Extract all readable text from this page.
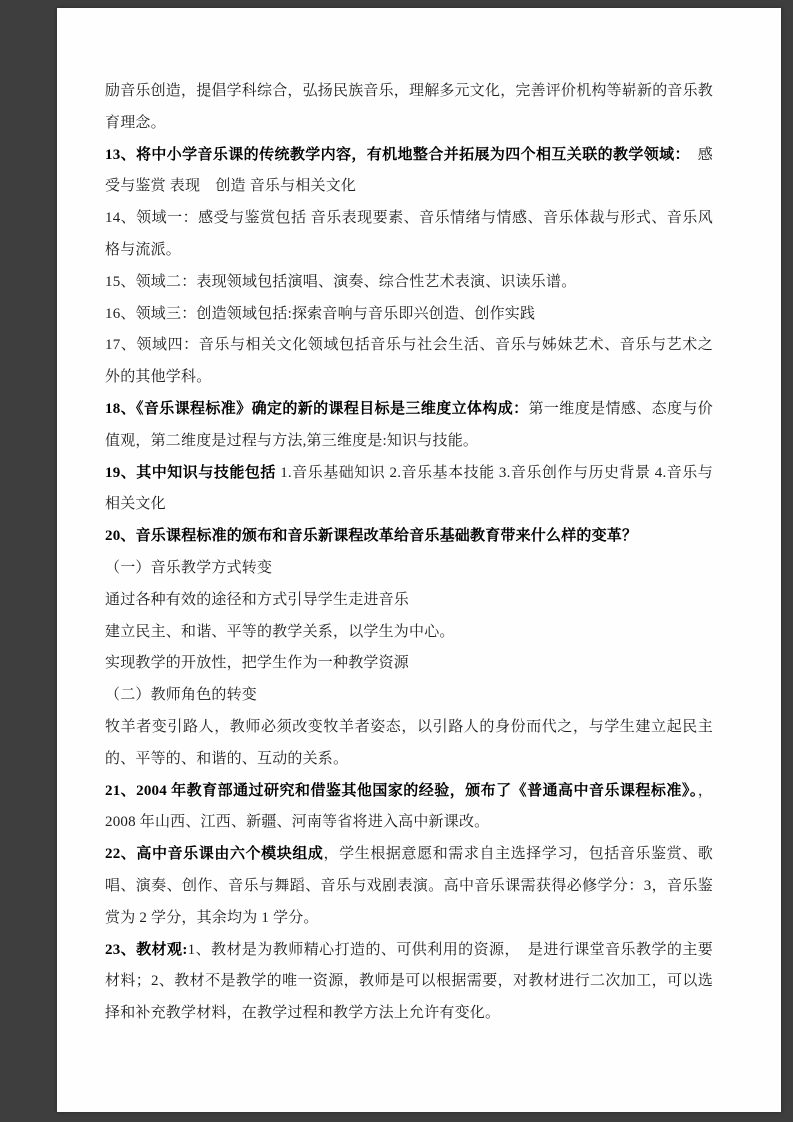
励音乐创造，提倡学科综合，弘扬民族音乐，理解多元文化，完善评价机构等崭新的音乐教育理念。

13、将中小学音乐课的传统教学内容，有机地整合并拓展为四个相互关联的教学领域：　感受与鉴赏 表现　创造 音乐与相关文化

14、领域一：感受与鉴赏包括 音乐表现要素、音乐情绪与情感、音乐体裁与形式、音乐风格与流派。

15、领域二：表现领域包括演唱、演奏、综合性艺术表演、识读乐谱。

16、领域三：创造领域包括:探索音响与音乐即兴创造、创作实践

17、领域四：音乐与相关文化领域包括音乐与社会生活、音乐与姊妹艺术、音乐与艺术之外的其他学科。

18、《音乐课程标准》确定的新的课程目标是三维度立体构成：第一维度是情感、态度与价值观，第二维度是过程与方法,第三维度是:知识与技能。

19、其中知识与技能包括 1.音乐基础知识 2.音乐基本技能 3.音乐创作与历史背景 4.音乐与相关文化

20、音乐课程标准的颁布和音乐新课程改革给音乐基础教育带来什么样的变革？

（一）音乐教学方式转变

通过各种有效的途径和方式引导学生走进音乐

建立民主、和谐、平等的教学关系，以学生为中心。

实现教学的开放性，把学生作为一种教学资源

（二）教师角色的转变

牧羊者变引路人，教师必须改变牧羊者姿态，以引路人的身份而代之，与学生建立起民主的、平等的、和谐的、互动的关系。

21、2004 年教育部通过研究和借鉴其他国家的经验，颁布了《普通高中音乐课程标准》。，2008 年山西、江西、新疆、河南等省将进入高中新课改。

22、高中音乐课由六个模块组成，学生根据意愿和需求自主选择学习，包括音乐鉴赏、歌唱、演奏、创作、音乐与舞蹈、音乐与戏剧表演。高中音乐课需获得必修学分：3，音乐鉴赏为 2 学分，其余均为 1 学分。

23、教材观:1、教材是为教师精心打造的、可供利用的资源，　是进行课堂音乐教学的主要材料；2、教材不是教学的唯一资源，教师是可以根据需要，对教材进行二次加工，可以选择和补充教学材料，在教学过程和教学方法上允许有变化。
